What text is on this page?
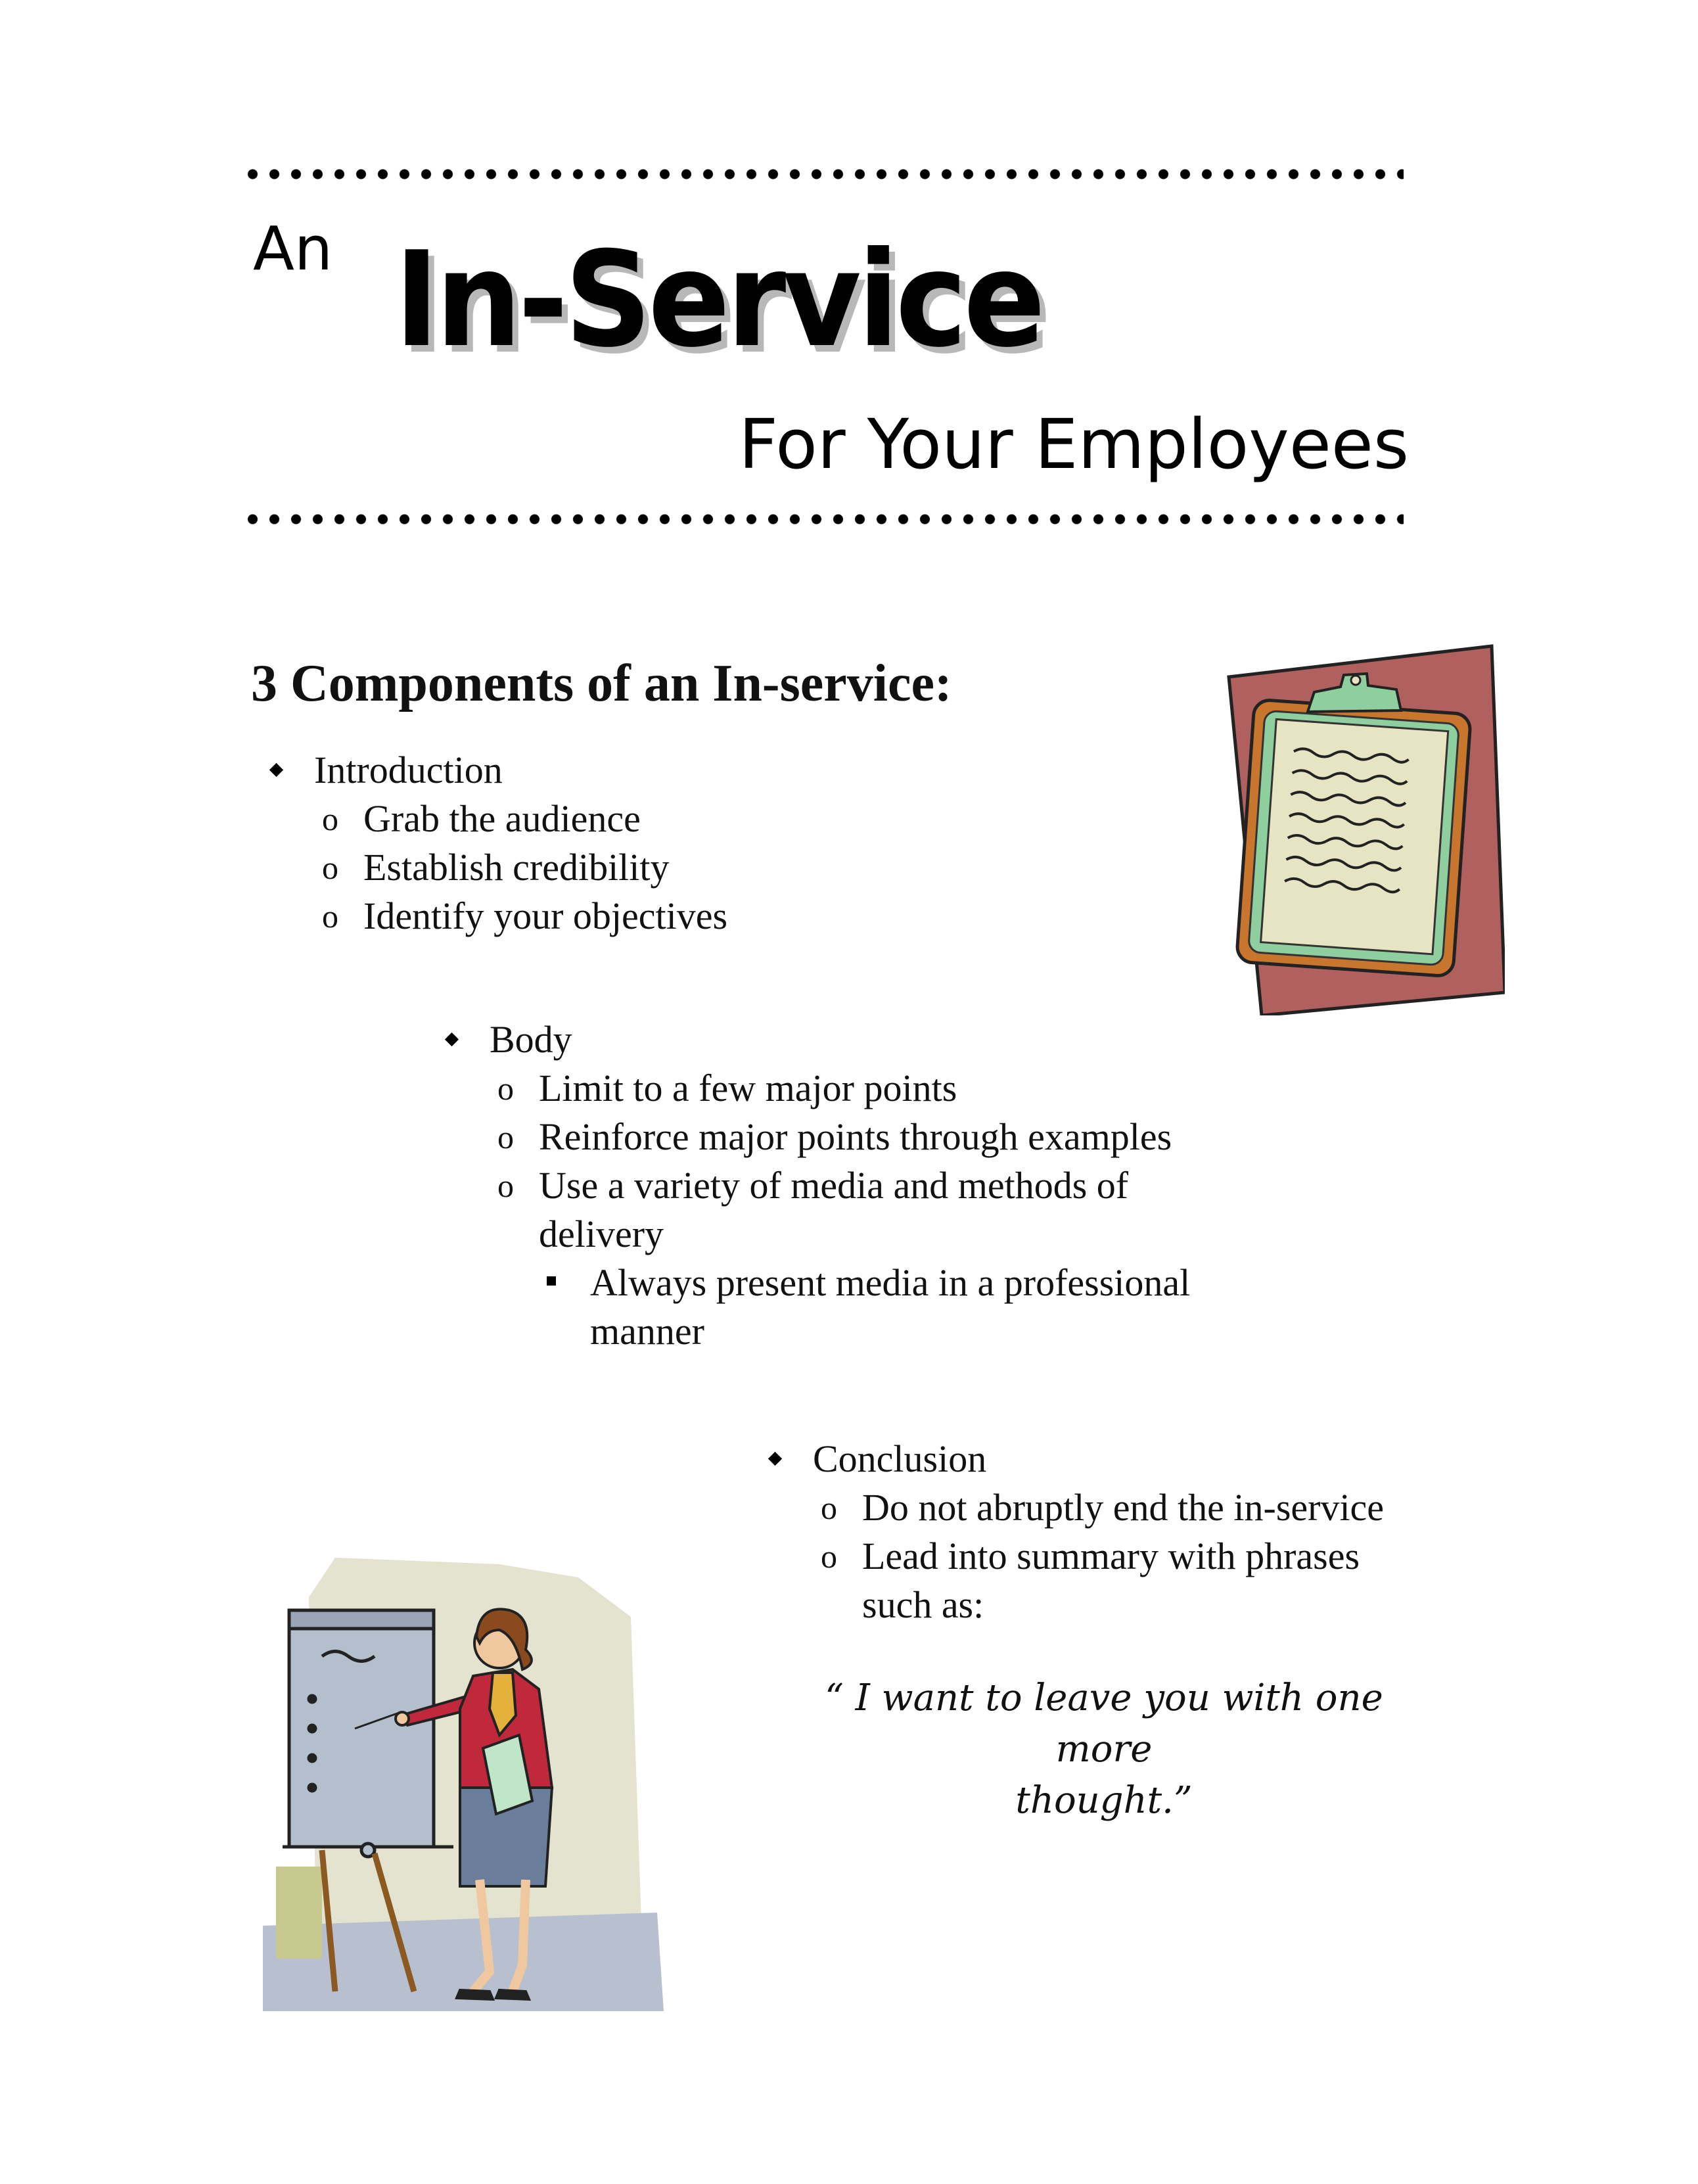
An In-Service
For Your Employees
3 Components of an In-service:
Introduction
o Grab the audience
o Establish credibility
o Identify your objectives
Body
o Limit to a few major points
o Reinforce major points through examples
o Use a variety of media and methods of
delivery
Always present media in a professional
manner
Conclusion
o Do not abruptly end the in-service
o Lead into summary with phrases
such as:
“ I want to leave you with one more
thought.”
